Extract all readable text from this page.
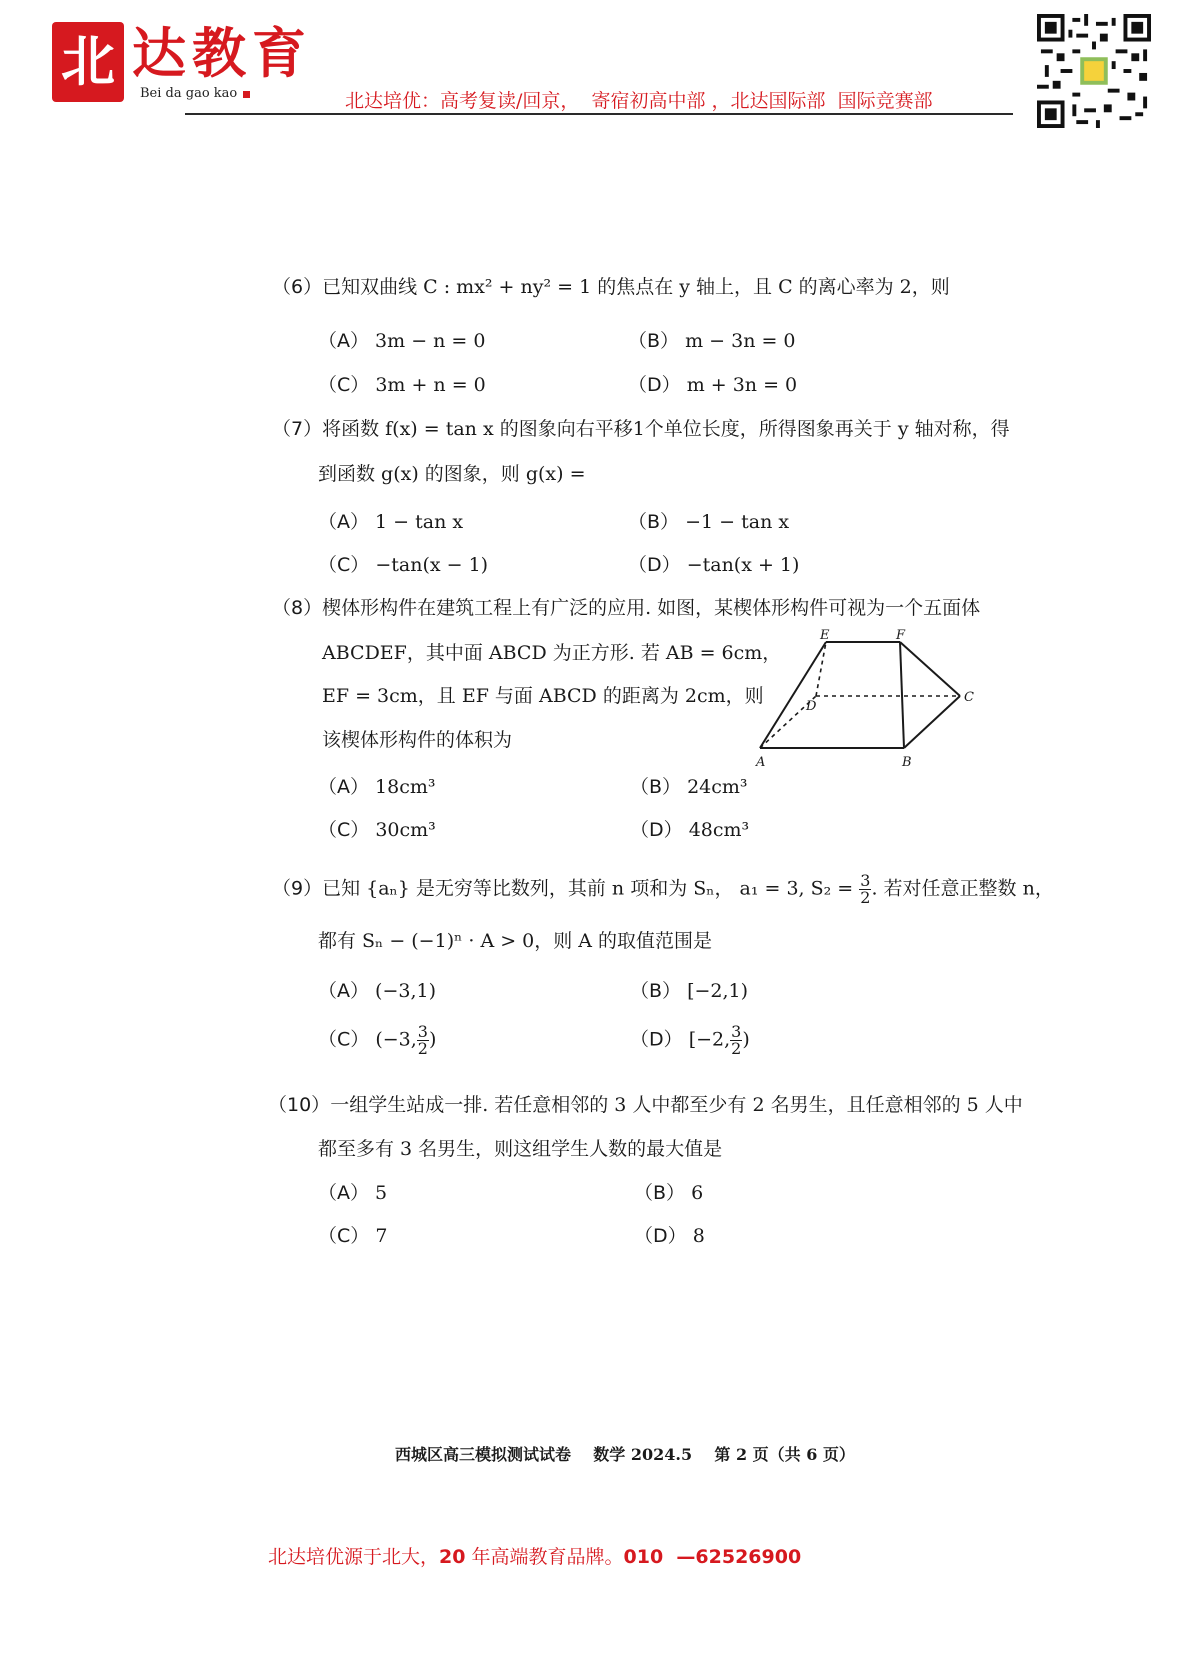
北 达教育
Bei da gao kao	北达培优：高考复读/回京，  寄宿初高中部 ，北达国际部  国际竞赛部
（6）已知双曲线 C : mx² + ny² = 1 的焦点在 y 轴上，且 C 的离心率为 2，则
（A） 3m − n = 0	（B） m − 3n = 0
（C） 3m + n = 0	（D） m + 3n = 0
（7）将函数 f(x) = tan x 的图象向右平移1个单位长度，所得图象再关于 y 轴对称，得
到函数 g(x) 的图象，则 g(x) =
（A） 1 − tan x	（B） −1 − tan x
（C） −tan(x − 1)	（D） −tan(x + 1)
（8）楔体形构件在建筑工程上有广泛的应用. 如图，某楔体形构件可视为一个五面体
ABCDEF，其中面 ABCD 为正方形. 若 AB = 6cm，
EF = 3cm，且 EF 与面 ABCD 的距离为 2cm，则
该楔体形构件的体积为
E	F
D
C
A	B
（A） 18cm³	（B） 24cm³
（C） 30cm³	（D） 48cm³
（9）已知 {aₙ} 是无穷等比数列，其前 n 项和为 Sₙ， a₁ = 3, $S_2 = \frac{3}{2}$ . 若对任意正整数 n，
都有 Sₙ − (−1)ⁿ · A > 0，则 A 的取值范围是
（A） (−3,1)	（B） [−2,1)
（C） (−3, $\frac{3}{2}$ )	（D） [−2, $\frac{3}{2}$ )
（10）一组学生站成一排. 若任意相邻的 3 人中都至少有 2 名男生，且任意相邻的 5 人中
都至多有 3 名男生，则这组学生人数的最大值是
（A） 5	（B） 6
（C） 7	（D） 8
西城区高三模拟测试试卷    数学 2024.5    第 2 页（共 6 页）
北达培优源于北大，20 年高端教育品牌。010  —62526900
